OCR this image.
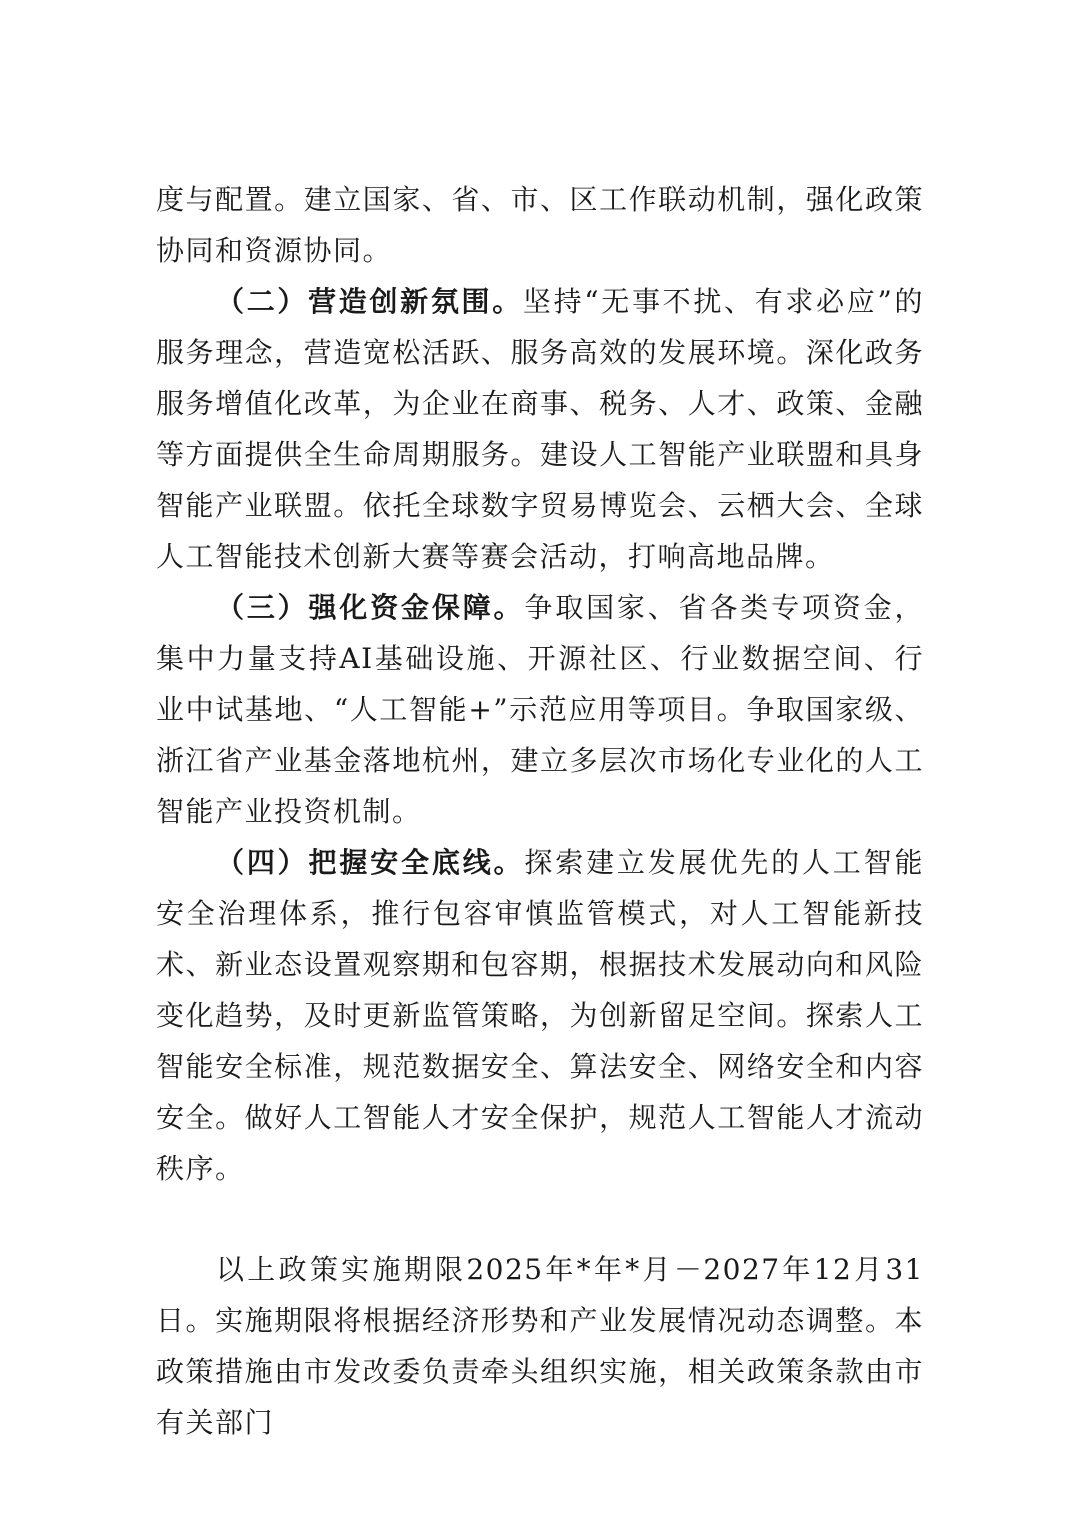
度与配置。建立国家、省、市、区工作联动机制，强化政策协同和资源协同。

（二）营造创新氛围。坚持“无事不扰、有求必应”的服务理念，营造宽松活跃、服务高效的发展环境。深化政务服务增值化改革，为企业在商事、税务、人才、政策、金融等方面提供全生命周期服务。建设人工智能产业联盟和具身智能产业联盟。依托全球数字贸易博览会、云栖大会、全球人工智能技术创新大赛等赛会活动，打响高地品牌。

（三）强化资金保障。争取国家、省各类专项资金，集中力量支持AI基础设施、开源社区、行业数据空间、行业中试基地、“人工智能+”示范应用等项目。争取国家级、浙江省产业基金落地杭州，建立多层次市场化专业化的人工智能产业投资机制。

（四）把握安全底线。探索建立发展优先的人工智能安全治理体系，推行包容审慎监管模式，对人工智能新技术、新业态设置观察期和包容期，根据技术发展动向和风险变化趋势，及时更新监管策略，为创新留足空间。探索人工智能安全标准，规范数据安全、算法安全、网络安全和内容安全。做好人工智能人才安全保护，规范人工智能人才流动秩序。

以上政策实施期限2025年*年*月－2027年12月31日。实施期限将根据经济形势和产业发展情况动态调整。本政策措施由市发改委负责牵头组织实施，相关政策条款由市有关部门
